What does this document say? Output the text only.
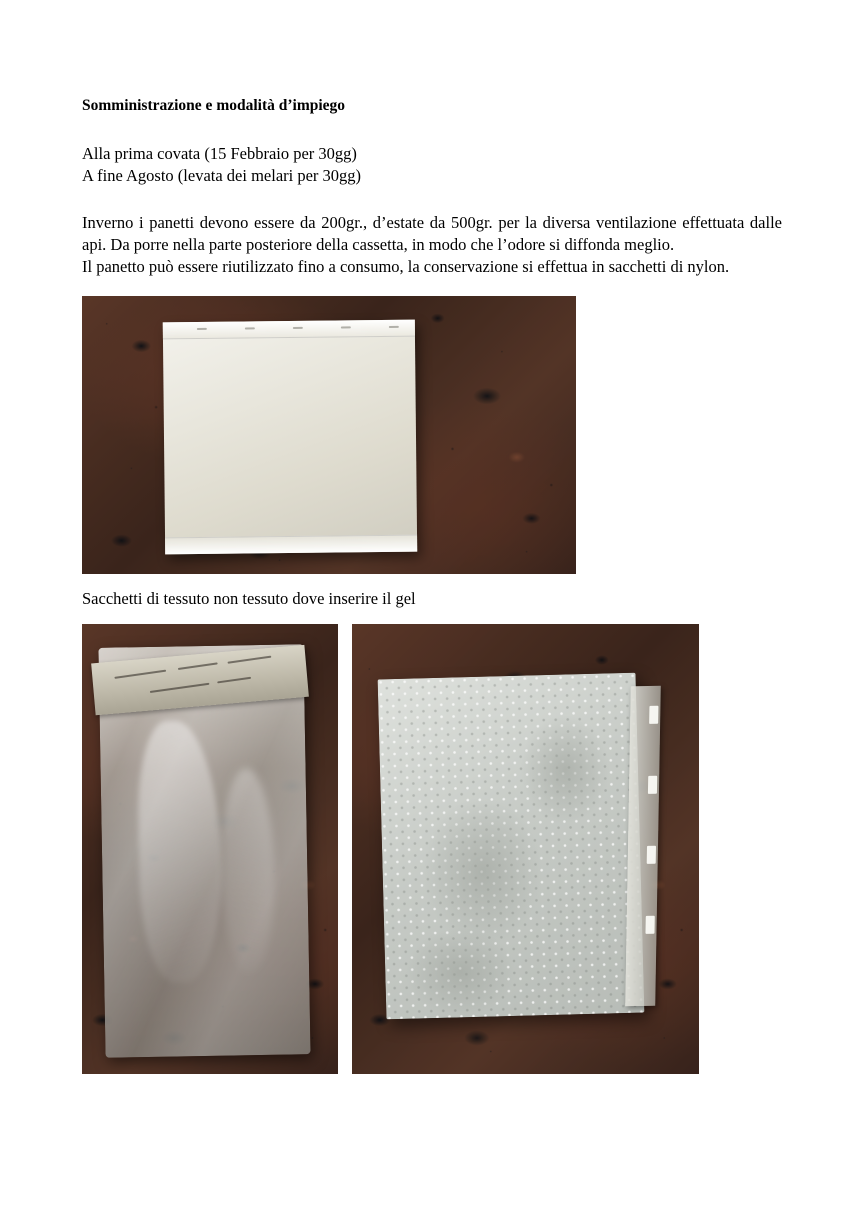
Somministrazione e modalità d’impiego

Alla prima covata (15 Febbraio per 30gg)

A fine Agosto (levata dei melari per 30gg)

Inverno i panetti devono essere da 200gr., d’estate da 500gr. per la diversa ventilazione effettuata dalle api. Da porre nella parte posteriore della cassetta, in modo che l’odore si diffonda meglio.

Il panetto può essere riutilizzato fino a consumo, la conservazione si effettua in sacchetti di nylon.

Sacchetti di tessuto non tessuto dove inserire il gel
